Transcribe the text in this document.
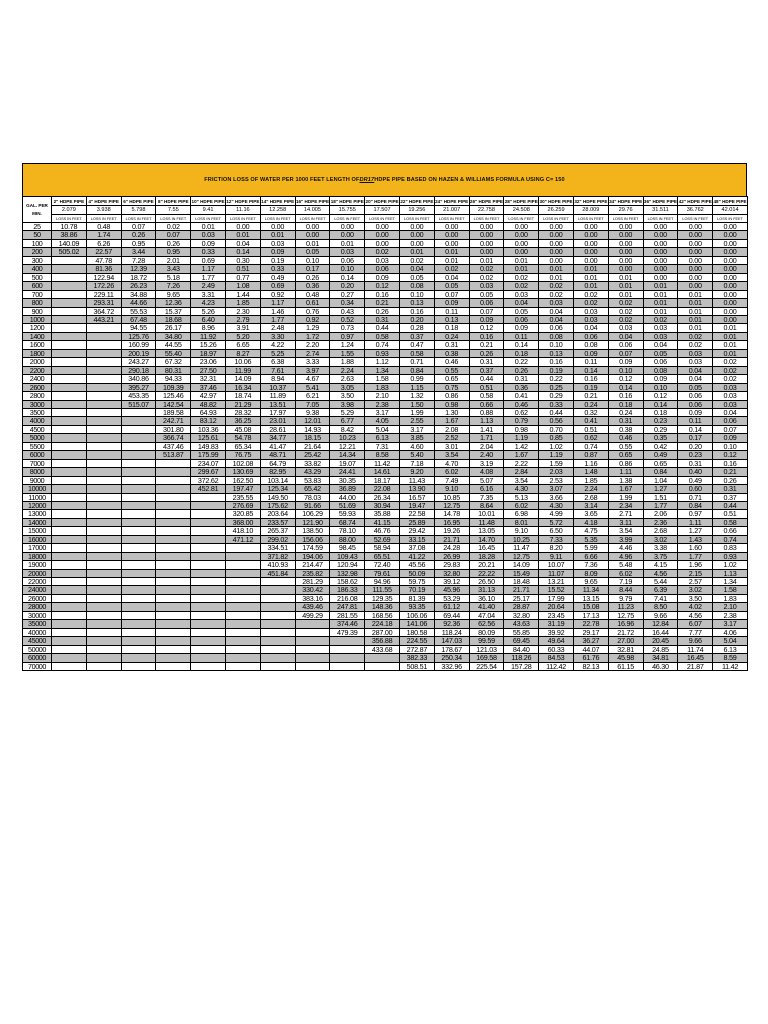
FRICTION LOSS OF WATER PER 1000 FEET LENGTH OF DR17 HDPE PIPE BASED ON HAZEN & WILLIAMS FORMULA USING C= 150
GAL. PER
MIN.	2" HDPE PIPE	4" HDPE PIPE	6" HDPE PIPE	8" HDPE PIPE	10" HDPE PIPE	12" HDPE PIPE	14" HDPE PIPE	16" HDPE PIPE	18" HDPE PIPE	20" HDPE PIPE	22" HDPE PIPE	24" HDPE PIPE	26" HDPE PIPE	28" HDPE PIPE	30" HDPE PIPE	32" HDPE PIPE	34" HDPE PIPE	36" HDPE PIPE	42" HDPE PIPE	48" HDPE PIPE
	2.079	3.938	5.798	7.55	9.41	11.16	12.258	14.005	15.755	17.507	19.256	21.007	22.758	24.508	26.259	28.009	29.76	31.511	36.762	42.014
	LOSS IN FEET	LOSS IN FEET	LOSS IN FEET	LOSS IN FEET	LOSS IN FEET	LOSS IN FEET	LOSS IN FEET	LOSS IN FEET	LOSS IN FEET	LOSS IN FEET	LOSS IN FEET	LOSS IN FEET	LOSS IN FEET	LOSS IN FEET	LOSS IN FEET	LOSS IN FEET	LOSS IN FEET	LOSS IN FEET	LOSS IN FEET	LOSS IN FEET
25	10.78	0.48	0.07	0.02	0.01	0.00	0.00	0.00	0.00	0.00	0.00	0.00	0.00	0.00	0.00	0.00	0.00	0.00	0.00	0.00
50	38.86	1.74	0.26	0.07	0.03	0.01	0.01	0.00	0.00	0.00	0.00	0.00	0.00	0.00	0.00	0.00	0.00	0.00	0.00	0.00
100	140.09	6.26	0.95	0.26	0.09	0.04	0.03	0.01	0.01	0.00	0.00	0.00	0.00	0.00	0.00	0.00	0.00	0.00	0.00	0.00
200	505.02	22.57	3.44	0.95	0.33	0.14	0.09	0.05	0.03	0.02	0.01	0.01	0.00	0.00	0.00	0.00	0.00	0.00	0.00	0.00
300		47.78	7.28	2.01	0.69	0.30	0.19	0.10	0.06	0.03	0.02	0.01	0.01	0.01	0.00	0.00	0.00	0.00	0.00	0.00
400		81.36	12.39	3.43	1.17	0.51	0.33	0.17	0.10	0.06	0.04	0.02	0.02	0.01	0.01	0.01	0.00	0.00	0.00	0.00
500		122.94	18.72	5.18	1.77	0.77	0.49	0.26	0.14	0.09	0.05	0.04	0.02	0.02	0.01	0.01	0.01	0.00	0.00	0.00
600		172.26	26.23	7.26	2.49	1.08	0.69	0.36	0.20	0.12	0.08	0.05	0.03	0.02	0.02	0.01	0.01	0.01	0.00	0.00
700		229.11	34.88	9.65	3.31	1.44	0.92	0.48	0.27	0.16	0.10	0.07	0.05	0.03	0.02	0.02	0.01	0.01	0.01	0.00
800		293.31	44.66	12.36	4.23	1.85	1.17	0.61	0.34	0.21	0.13	0.09	0.06	0.04	0.03	0.02	0.02	0.01	0.01	0.00
900		364.72	55.53	15.37	5.26	2.30	1.46	0.76	0.43	0.26	0.16	0.11	0.07	0.05	0.04	0.03	0.02	0.01	0.01	0.00
1000		443.21	67.48	18.68	6.40	2.79	1.77	0.92	0.52	0.31	0.20	0.13	0.09	0.06	0.04	0.03	0.02	0.02	0.01	0.00
1200			94.55	26.17	8.96	3.91	2.48	1.29	0.73	0.44	0.28	0.18	0.12	0.09	0.06	0.04	0.03	0.03	0.01	0.01
1400			125.76	34.80	11.92	5.20	3.30	1.72	0.97	0.58	0.37	0.24	0.16	0.11	0.08	0.06	0.04	0.03	0.02	0.01
1600			160.99	44.55	15.26	6.65	4.22	2.20	1.24	0.74	0.47	0.31	0.21	0.14	0.10	0.08	0.06	0.04	0.02	0.01
1800			200.19	55.40	18.97	8.27	5.25	2.74	1.55	0.93	0.58	0.38	0.26	0.18	0.13	0.09	0.07	0.05	0.03	0.01
2000			243.27	67.32	23.06	10.06	6.38	3.33	1.88	1.12	0.71	0.46	0.31	0.22	0.16	0.11	0.09	0.06	0.03	0.02
2200			290.18	80.31	27.50	11.99	7.61	3.97	2.24	1.34	0.84	0.55	0.37	0.26	0.19	0.14	0.10	0.08	0.04	0.02
2400			340.86	94.33	32.31	14.09	8.94	4.67	2.63	1.58	0.99	0.65	0.44	0.31	0.22	0.16	0.12	0.09	0.04	0.02
2600			395.27	109.39	37.46	16.34	10.37	5.41	3.05	1.83	1.15	0.75	0.51	0.36	0.25	0.19	0.14	0.10	0.05	0.03
2800			453.35	125.46	42.97	18.74	11.89	6.21	3.50	2.10	1.32	0.86	0.58	0.41	0.29	0.21	0.16	0.12	0.06	0.03
3000			515.07	142.54	48.82	21.29	13.51	7.05	3.98	2.38	1.50	0.98	0.66	0.46	0.33	0.24	0.18	0.14	0.06	0.03
3500				189.58	64.93	28.32	17.97	9.38	5.29	3.17	1.99	1.30	0.88	0.62	0.44	0.32	0.24	0.18	0.09	0.04
4000				242.71	83.12	36.25	23.01	12.01	6.77	4.05	2.55	1.67	1.13	0.79	0.56	0.41	0.31	0.23	0.11	0.06
4500				301.80	103.36	45.08	28.61	14.93	8.42	5.04	3.17	2.08	1.41	0.98	0.70	0.51	0.38	0.29	0.14	0.07
5000				366.74	125.61	54.78	34.77	18.15	10.23	6.13	3.85	2.52	1.71	1.19	0.85	0.62	0.46	0.35	0.17	0.09
5500				437.46	149.83	65.34	41.47	21.64	12.21	7.31	4.60	3.01	2.04	1.42	1.02	0.74	0.55	0.42	0.20	0.10
6000				513.87	175.99	76.75	48.71	25.42	14.34	8.58	5.40	3.54	2.40	1.67	1.19	0.87	0.65	0.49	0.23	0.12
7000					234.07	102.08	64.79	33.82	19.07	11.42	7.18	4.70	3.19	2.22	1.59	1.16	0.86	0.65	0.31	0.16
8000					299.67	130.69	82.95	43.29	24.41	14.61	9.20	6.02	4.08	2.84	2.03	1.48	1.11	0.84	0.40	0.21
9000					372.62	162.50	103.14	53.83	30.35	18.17	11.43	7.49	5.07	3.54	2.53	1.85	1.38	1.04	0.49	0.26
10000					452.81	197.47	125.34	65.42	36.89	22.08	13.90	9.10	6.16	4.30	3.07	2.24	1.67	1.27	0.60	0.31
11000						235.55	149.50	78.03	44.00	26.34	16.57	10.85	7.35	5.13	3.66	2.68	1.99	1.51	0.71	0.37
12000						276.69	175.62	91.66	51.69	30.94	19.47	12.75	8.64	6.02	4.30	3.14	2.34	1.77	0.84	0.44
13000						320.85	203.64	106.29	59.93	35.88	22.58	14.78	10.01	6.98	4.99	3.65	2.71	2.06	0.97	0.51
14000						368.00	233.57	121.90	68.74	41.15	25.89	16.95	11.48	8.01	5.72	4.18	3.11	2.36	1.11	0.58
15000						418.10	265.37	138.50	78.10	46.76	29.42	19.26	13.05	9.10	6.50	4.75	3.54	2.68	1.27	0.66
16000						471.12	299.02	156.06	88.00	52.69	33.15	21.71	14.70	10.25	7.33	5.35	3.99	3.02	1.43	0.74
17000							334.51	174.59	98.45	58.94	37.08	24.28	16.45	11.47	8.20	5.99	4.46	3.38	1.60	0.83
18000							371.82	194.06	109.43	65.51	41.22	26.99	18.28	12.75	9.11	6.66	4.96	3.75	1.77	0.93
19000							410.93	214.47	120.94	72.40	45.56	29.83	20.21	14.09	10.07	7.36	5.48	4.15	1.96	1.02
20000							451.84	235.82	132.98	79.61	50.09	32.80	22.22	15.49	11.07	8.09	6.02	4.56	2.15	1.13
22000								281.29	158.62	94.96	59.75	39.12	26.50	18.48	13.21	9.65	7.19	5.44	2.57	1.34
24000								330.42	186.33	111.55	70.19	45.96	31.13	21.71	15.52	11.34	8.44	6.39	3.02	1.58
26000								383.16	216.08	129.35	81.39	53.29	36.10	25.17	17.99	13.15	9.79	7.41	3.50	1.83
28000								439.46	247.81	148.36	93.35	61.12	41.40	28.87	20.64	15.08	11.23	8.50	4.02	2.10
30000								499.29	281.55	168.56	106.06	69.44	47.04	32.80	23.45	17.13	12.75	9.66	4.56	2.38
35000									374.46	224.18	141.06	92.36	62.56	43.63	31.19	22.78	16.96	12.84	6.07	3.17
40000									479.39	287.00	180.58	118.24	80.09	55.85	39.92	29.17	21.72	16.44	7.77	4.06
45000										356.88	224.55	147.03	99.59	69.45	49.64	36.27	27.00	20.45	9.66	5.04
50000										433.68	272.87	178.67	121.03	84.40	60.33	44.07	32.81	24.85	11.74	6.13
60000											382.33	250.34	169.58	118.26	84.53	61.76	45.98	34.81	16.45	8.59
70000											508.51	332.96	225.54	157.28	112.42	82.13	61.15	46.30	21.87	11.42
